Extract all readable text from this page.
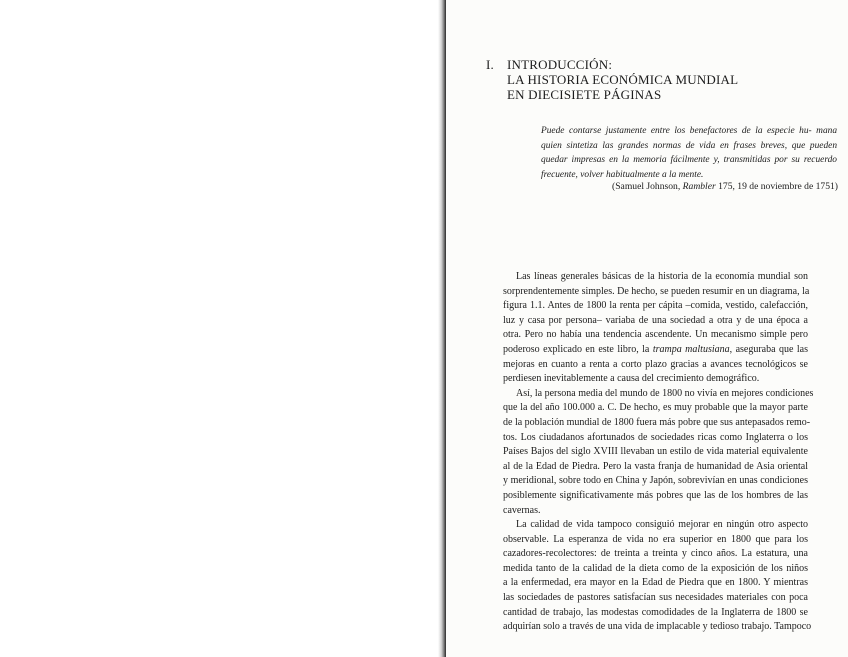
I. INTRODUCCIÓN:
LA HISTORIA ECONÓMICA MUNDIAL
EN DIECISIETE PÁGINAS
Puede contarse justamente entre los benefactores de la especie hu- mana quien sintetiza las grandes normas de vida en frases breves, que pueden quedar impresas en la memoria fácilmente y, transmitidas por su recuerdo frecuente, volver habitualmente a la mente.
(Samuel Johnson, Rambler 175, 19 de noviembre de 1751)
Las líneas generales básicas de la historia de la economía mundial son
sorprendentemente simples. De hecho, se pueden resumir en un diagrama, la
figura 1.1. Antes de 1800 la renta per cápita –comida, vestido, calefacción,
luz y casa por persona– variaba de una sociedad a otra y de una época a
otra. Pero no había una tendencia ascendente. Un mecanismo simple pero
poderoso explicado en este libro, la trampa maltusiana, aseguraba que las
mejoras en cuanto a renta a corto plazo gracias a avances tecnológicos se
perdiesen inevitablemente a causa del crecimiento demográfico.
Así, la persona media del mundo de 1800 no vivía en mejores condiciones
que la del año 100.000 a. C. De hecho, es muy probable que la mayor parte
de la población mundial de 1800 fuera más pobre que sus antepasados remo-
tos. Los ciudadanos afortunados de sociedades ricas como Inglaterra o los
Países Bajos del siglo XVIII llevaban un estilo de vida material equivalente
al de la Edad de Piedra. Pero la vasta franja de humanidad de Asia oriental
y meridional, sobre todo en China y Japón, sobrevivían en unas condiciones
posiblemente significativamente más pobres que las de los hombres de las
cavernas.
La calidad de vida tampoco consiguió mejorar en ningún otro aspecto
observable. La esperanza de vida no era superior en 1800 que para los
cazadores-recolectores: de treinta a treinta y cinco años. La estatura, una
medida tanto de la calidad de la dieta como de la exposición de los niños
a la enfermedad, era mayor en la Edad de Piedra que en 1800. Y mientras
las sociedades de pastores satisfacían sus necesidades materiales con poca
cantidad de trabajo, las modestas comodidades de la Inglaterra de 1800 se
adquirían solo a través de una vida de implacable y tedioso trabajo. Tampoco
